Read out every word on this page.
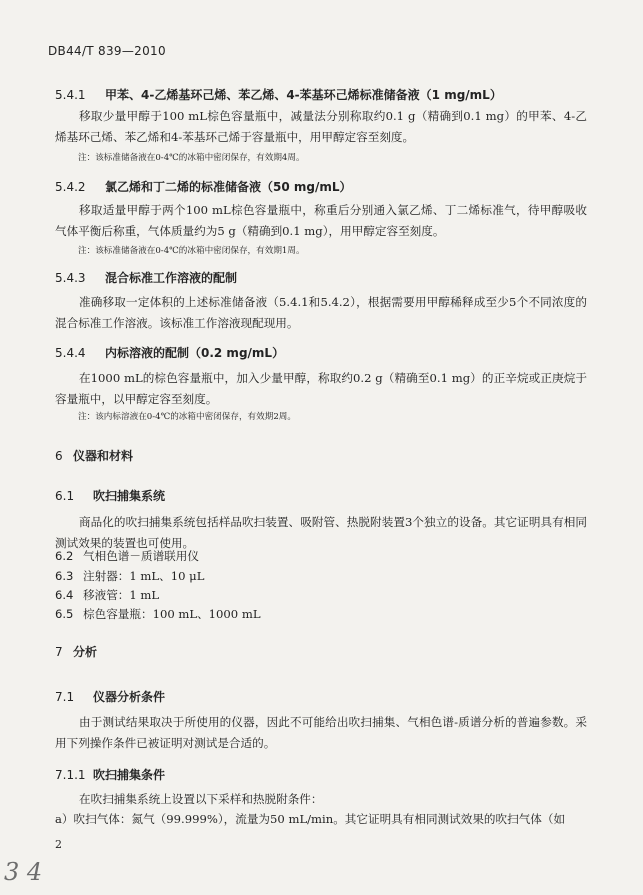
DB44/T 839—2010
5.4.1 甲苯、4-乙烯基环己烯、苯乙烯、4-苯基环己烯标准储备液（1 mg/mL）
移取少量甲醇于100 mL棕色容量瓶中，减量法分别称取约0.1 g（精确到0.1 mg）的甲苯、4-乙烯基环己烯、苯乙烯和4-苯基环己烯于容量瓶中，用甲醇定容至刻度。
注：该标准储备液在0-4℃的冰箱中密闭保存，有效期4周。
5.4.2 氯乙烯和丁二烯的标准储备液（50 mg/mL）
移取适量甲醇于两个100 mL棕色容量瓶中，称重后分别通入氯乙烯、丁二烯标准气，待甲醇吸收气体平衡后称重，气体质量约为5 g（精确到0.1 mg），用甲醇定容至刻度。
注：该标准储备液在0-4℃的冰箱中密闭保存，有效期1周。
5.4.3 混合标准工作溶液的配制
准确移取一定体积的上述标准储备液（5.4.1和5.4.2），根据需要用甲醇稀释成至少5个不同浓度的混合标准工作溶液。该标准工作溶液现配现用。
5.4.4 内标溶液的配制（0.2 mg/mL）
在1000 mL的棕色容量瓶中，加入少量甲醇，称取约0.2 g（精确至0.1 mg）的正辛烷或正庚烷于容量瓶中，以甲醇定容至刻度。
注：该内标溶液在0-4℃的冰箱中密闭保存，有效期2周。
6 仪器和材料
6.1 吹扫捕集系统
商品化的吹扫捕集系统包括样品吹扫装置、吸附管、热脱附装置3个独立的设备。其它证明具有相同测试效果的装置也可使用。
6.2 气相色谱－质谱联用仪
6.3 注射器：1 mL、10 μL
6.4 移液管：1 mL
6.5 棕色容量瓶：100 mL、1000 mL
7 分析
7.1 仪器分析条件
由于测试结果取决于所使用的仪器，因此不可能给出吹扫捕集、气相色谱-质谱分析的普遍参数。采用下列操作条件已被证明对测试是合适的。
7.1.1 吹扫捕集条件
在吹扫捕集系统上设置以下采样和热脱附条件：
a）吹扫气体：氮气（99.999%），流量为50 mL/min。其它证明具有相同测试效果的吹扫气体（如
2
3 4
